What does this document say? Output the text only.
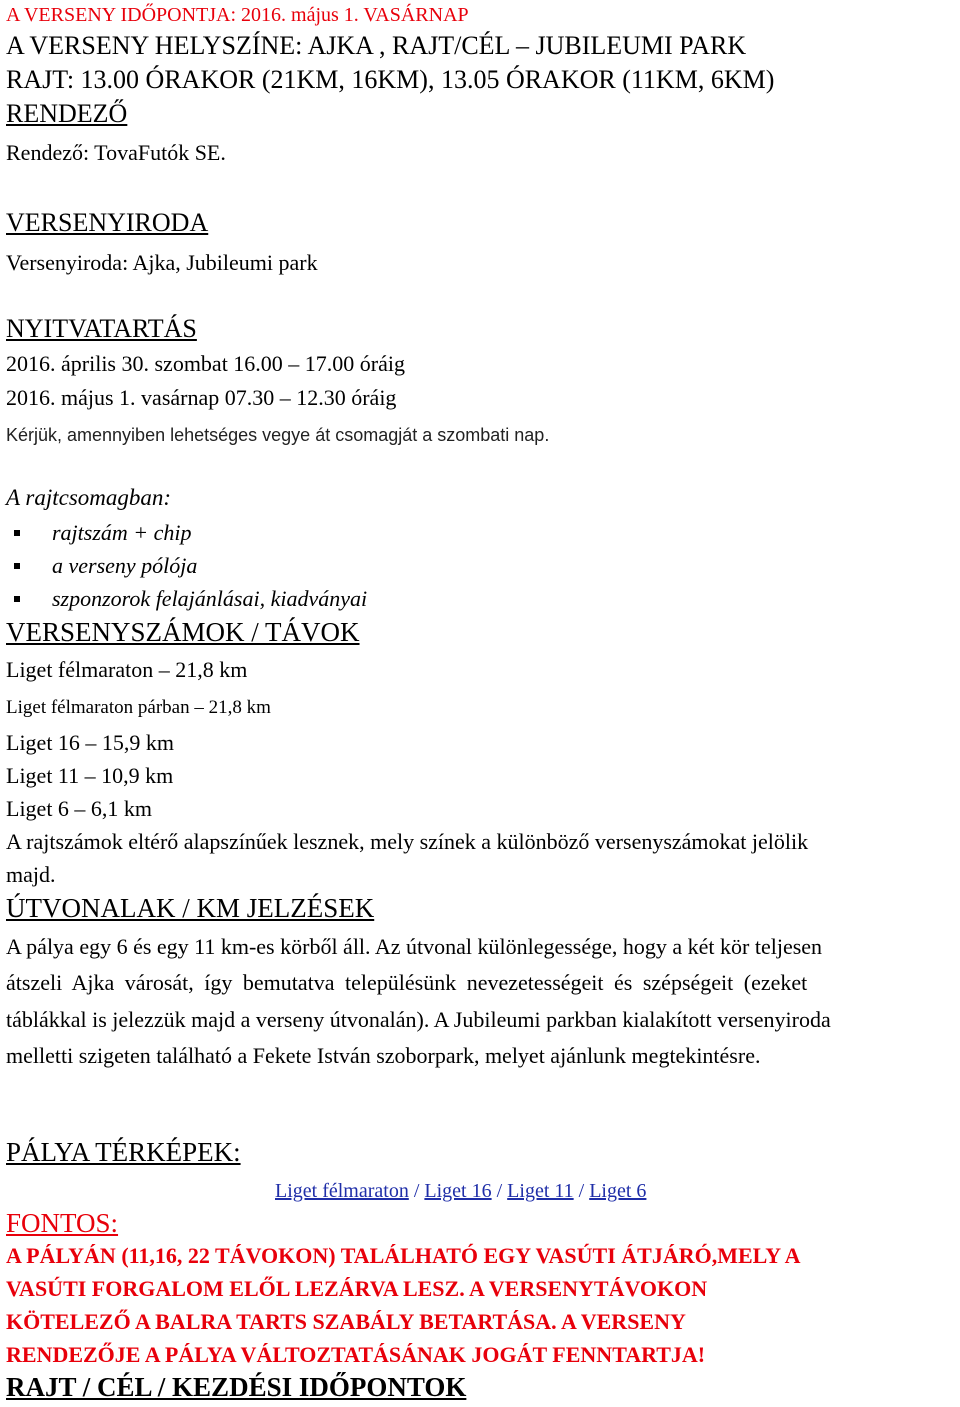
A VERSENY IDŐPONTJA: 2016. május 1. VASÁRNAP
A VERSENY HELYSZÍNE: AJKA , RAJT/CÉL – JUBILEUMI PARK
RAJT: 13.00 ÓRAKOR (21KM, 16KM), 13.05 ÓRAKOR (11KM, 6KM)
RENDEZŐ
Rendező: TovaFutók SE.
VERSENYIRODA
Versenyiroda: Ajka, Jubileumi park
NYITVATARTÁS
2016. április 30. szombat 16.00 – 17.00 óráig
2016. május 1. vasárnap 07.30 – 12.30 óráig
Kérjük, amennyiben lehetséges vegye át csomagját a szombati nap.
A rajtcsomagban:
rajtszám + chip
a verseny pólója
szponzorok felajánlásai, kiadványai
VERSENYSZÁMOK / TÁVOK
Liget félmaraton – 21,8 km
Liget félmaraton párban – 21,8 km
Liget 16 – 15,9 km
Liget 11 – 10,9 km
Liget 6 – 6,1 km
A rajtszámok eltérő alapszínűek lesznek, mely színek a különböző versenyszámokat jelölik
majd.
ÚTVONALAK / KM JELZÉSEK
A pálya egy 6 és egy 11 km-es körből áll. Az útvonal különlegessége, hogy a két kör teljesen
átszeli Ajka városát, így bemutatva településünk nevezetességeit és szépségeit (ezeket
táblákkal is jelezzük majd a verseny útvonalán). A Jubileumi parkban kialakított versenyiroda
melletti szigeten található a Fekete István szoborpark, melyet ajánlunk megtekintésre.
PÁLYA TÉRKÉPEK:
Liget félmaraton / Liget 16 / Liget 11 / Liget 6
FONTOS:
A PÁLYÁN (11,16, 22 TÁVOKON) TALÁLHATÓ EGY VASÚTI ÁTJÁRÓ,MELY A
VASÚTI FORGALOM ELŐL LEZÁRVA LESZ. A VERSENYTÁVOKON
KÖTELEZŐ A BALRA TARTS SZABÁLY BETARTÁSA. A VERSENY
RENDEZŐJE A PÁLYA VÁLTOZTATÁSÁNAK JOGÁT FENNTARTJA!
RAJT / CÉL / KEZDÉSI IDŐPONTOK
